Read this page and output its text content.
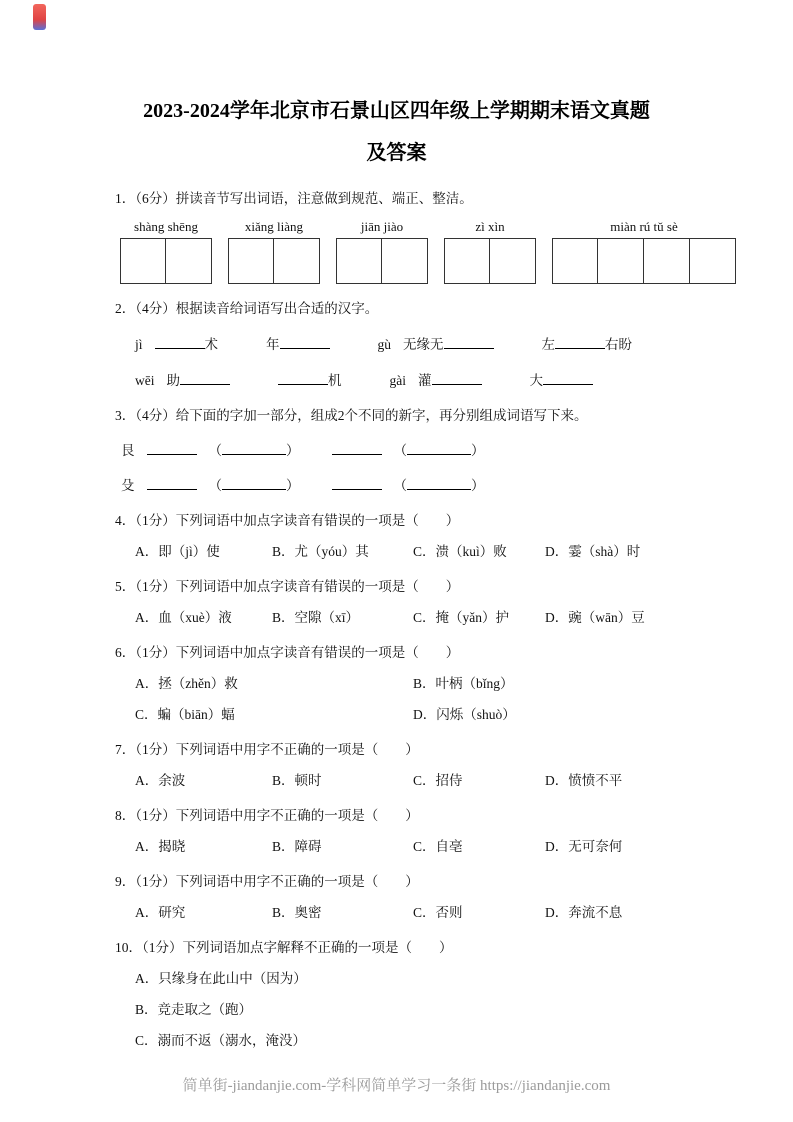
2023-2024学年北京市石景山区四年级上学期期末语文真题
及答案

1．（6分）拼读音节写出词语，注意做到规范、端正、整洁。

shàng shēng	xiǎng liàng	jiān jiào	zì xìn	miàn rú tǔ sè

2．（4分）根据读音给词语写出合适的汉字。

jì	术	年	gù 无缘无	左	右盼
wēi 助	机	gài 灌	大

3．（4分）给下面的字加一部分，组成2个不同的新字，再分别组成词语写下来。

艮	（	）	（	）
殳	（	）	（	）

4．（1分）下列词语中加点字读音有错误的一项是（　　）

A．即（jì）使	B．尤（yóu）其	C．溃（kuì）败	D．霎（shà）时

5．（1分）下列词语中加点字读音有错误的一项是（　　）

A．血（xuè）液	B．空隙（xī）	C．掩（yǎn）护	D．豌（wān）豆

6．（1分）下列词语中加点字读音有错误的一项是（　　）

A．拯（zhěn）救	B．叶柄（bǐng）
C．蝙（biān）蝠	D．闪烁（shuò）

7．（1分）下列词语中用字不正确的一项是（　　）

A．余波	B．顿时	C．招侍	D．愤愤不平

8．（1分）下列词语中用字不正确的一项是（　　）

A．揭晓	B．障碍	C．自亳	D．无可奈何

9．（1分）下列词语中用字不正确的一项是（　　）

A．研究	B．奥密	C．否则	D．奔流不息

10．（1分）下列词语加点字解释不正确的一项是（　　）

A．只缘身在此山中（因为）
B．竞走取之（跑）
C．溺而不返（溺水，淹没）
简单街-jiandanjie.com-学科网简单学习一条街 https://jiandanjie.com
